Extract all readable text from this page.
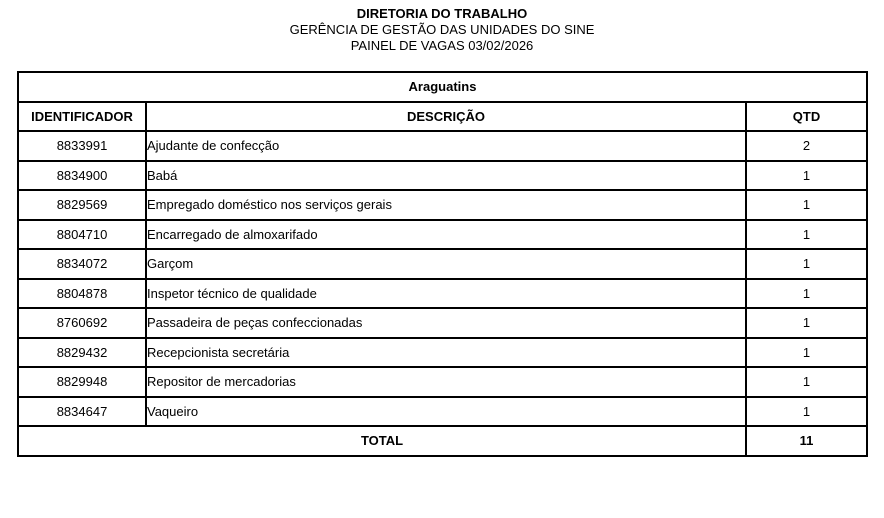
DIRETORIA DO TRABALHO
GERÊNCIA DE GESTÃO DAS UNIDADES DO SINE
PAINEL DE VAGAS 03/02/2026
Araguatins		
IDENTIFICADOR	DESCRIÇÃO	QTD
8833991	Ajudante de confecção	2
8834900	Babá	1
8829569	Empregado doméstico nos serviços gerais	1
8804710	Encarregado de almoxarifado	1
8834072	Garçom	1
8804878	Inspetor técnico de qualidade	1
8760692	Passadeira de peças confeccionadas	1
8829432	Recepcionista secretária	1
8829948	Repositor de mercadorias	1
8834647	Vaqueiro	1
TOTAL		11
